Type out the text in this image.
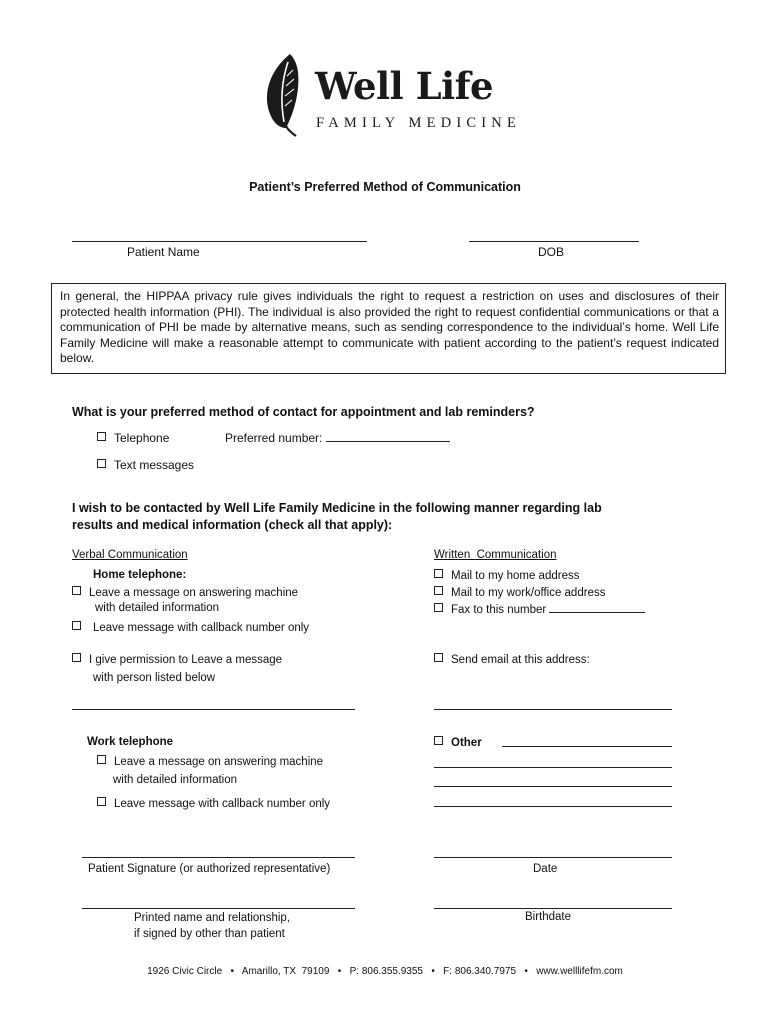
Well Life
FAMILY MEDICINE
Patient’s Preferred Method of Communication
Patient Name	DOB

In general, the HIPPAA privacy rule gives individuals the right to request a restriction on uses and disclosures of their protected health information (PHI). The individual is also provided the right to request confidential communications or that a communication of PHI be made by alternative means, such as sending correspondence to the individual’s home. Well Life Family Medicine will make a reasonable attempt to communicate with patient according to the patient’s request indicated below.

What is your preferred method of contact for appointment and lab reminders?
Telephone	Preferred number:
Text messages
I wish to be contacted by Well Life Family Medicine in the following manner regarding lab
results and medical information (check all that apply):
Verbal Communication
Home telephone:
Leave a message on answering machine
with detailed information
Leave message with callback number only
I give permission to Leave a message
with person listed below
Written  Communication
Mail to my home address
Mail to my work/office address
Fax to this number
Send email at this address:
Work telephone
Leave a message on answering machine
with detailed information
Leave message with callback number only
Other
Patient Signature (or authorized representative)	Date
Printed name and relationship,
if signed by other than patient
Birthdate
1926 Civic Circle   •   Amarillo, TX  79109   •   P: 806.355.9355   •   F: 806.340.7975   •   www.welllifefm.com
